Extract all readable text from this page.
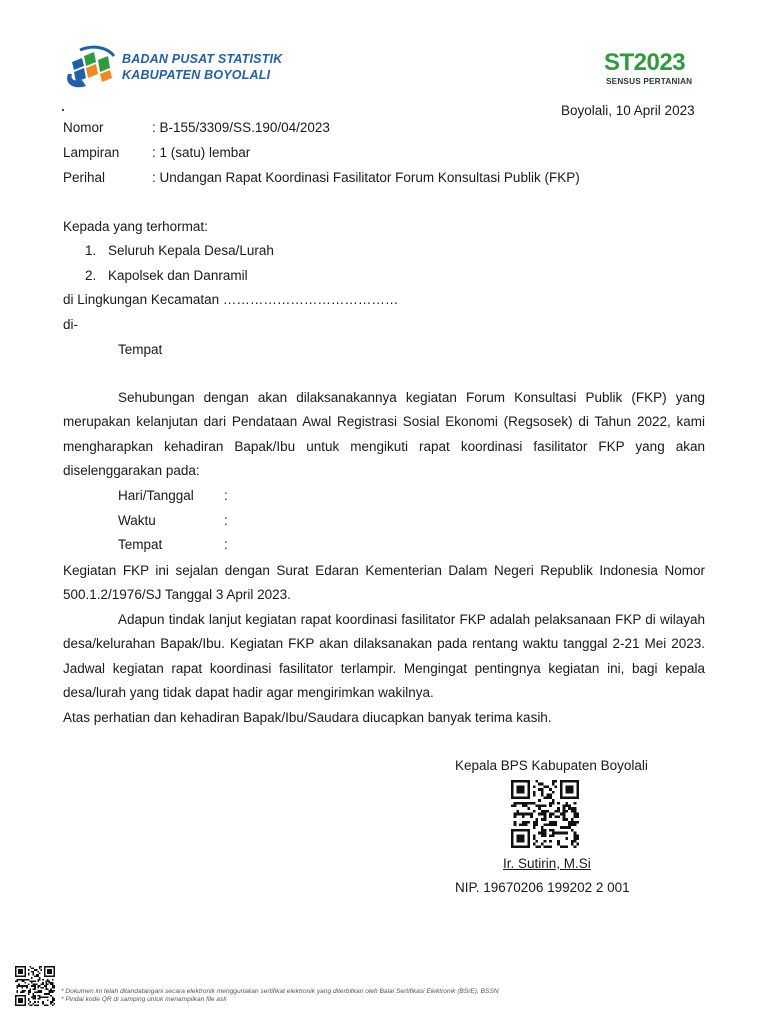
BADAN PUSAT STATISTIK
KABUPATEN BOYOLALI	ST2023
SENSUS PERTANIAN
Boyolali, 10 April 2023
Nomor	: B-155/3309/SS.190/04/2023
Lampiran : 1 (satu) lembar
Perihal	: Undangan Rapat Koordinasi Fasilitator Forum Konsultasi Publik (FKP)
Kepada yang terhormat:
1. Seluruh Kepala Desa/Lurah
2. Kapolsek dan Danramil
di Lingkungan Kecamatan …………………………………
di-
Tempat
Sehubungan dengan akan dilaksanakannya kegiatan Forum Konsultasi Publik (FKP) yang merupakan kelanjutan dari Pendataan Awal Registrasi Sosial Ekonomi (Regsosek) di Tahun 2022, kami mengharapkan kehadiran Bapak/Ibu untuk mengikuti rapat koordinasi fasilitator FKP yang akan diselenggarakan pada:
Hari/Tanggal :
Waktu	:
Tempat	:
Kegiatan FKP ini sejalan dengan Surat Edaran Kementerian Dalam Negeri Republik Indonesia Nomor 500.1.2/1976/SJ Tanggal 3 April 2023.
Adapun tindak lanjut kegiatan rapat koordinasi fasilitator FKP adalah pelaksanaan FKP di wilayah desa/kelurahan Bapak/Ibu. Kegiatan FKP akan dilaksanakan pada rentang waktu tanggal 2-21 Mei 2023. Jadwal kegiatan rapat koordinasi fasilitator terlampir. Mengingat pentingnya kegiatan ini, bagi kepala desa/lurah yang tidak dapat hadir agar mengirimkan wakilnya.
Atas perhatian dan kehadiran Bapak/Ibu/Saudara diucapkan banyak terima kasih.
Kepala BPS Kabupaten Boyolali
Ir. Sutirin, M.Si
NIP. 19670206 199202 2 001
* Dokumen ini telah ditandatangani secara elektronik menggunakan sertifikat elektronik yang diterbitkan oleh Balai Sertifikasi Elektronik (BSrE), BSSN
* Pindai kode QR di samping untuk menampilkan file asli
